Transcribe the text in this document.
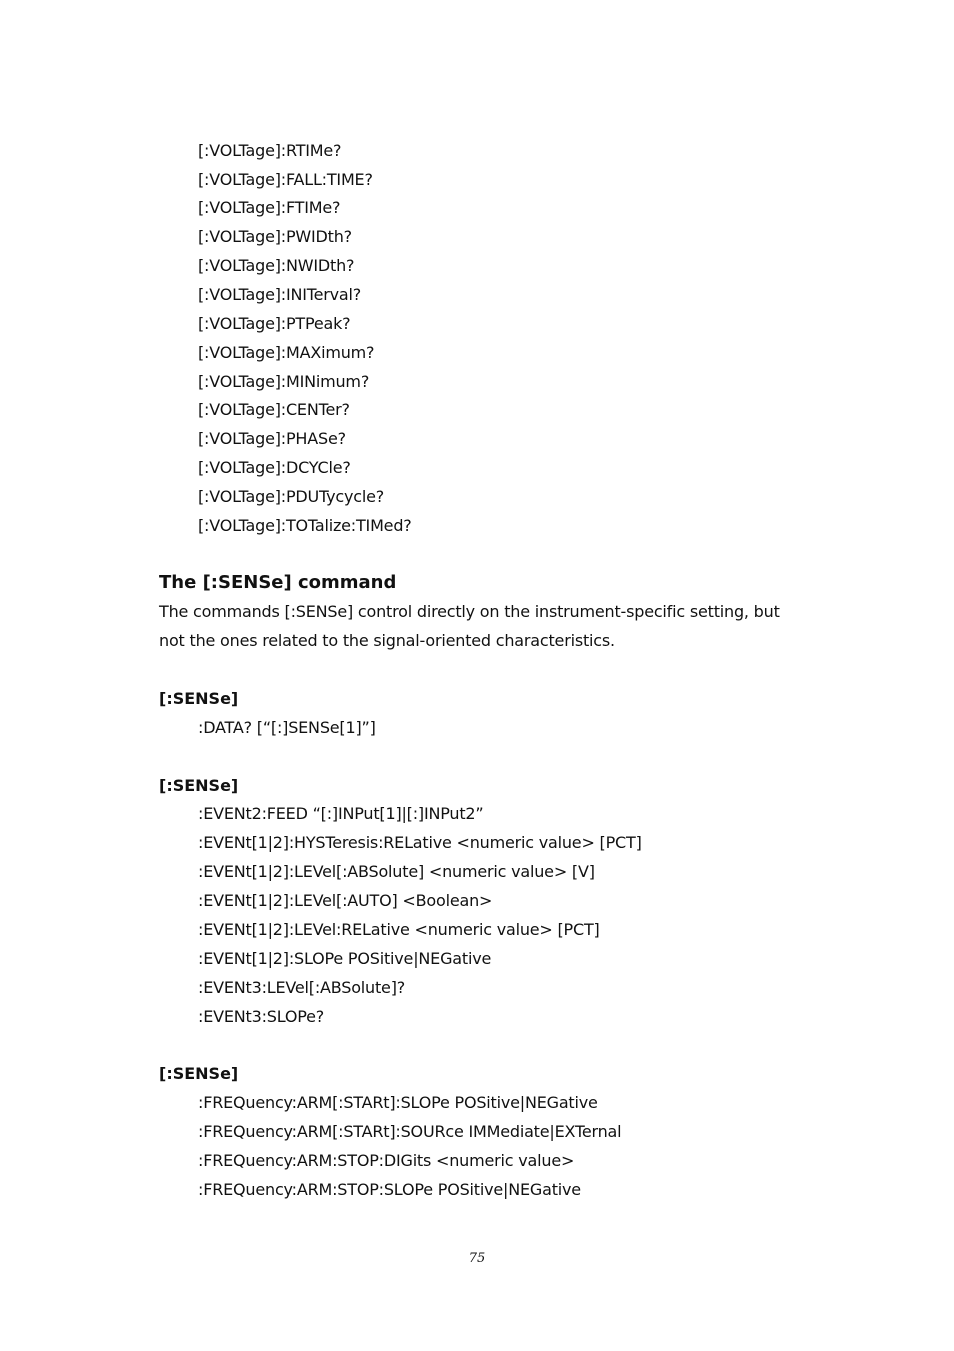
[:VOLTage]:RTIMe?
[:VOLTage]:FALL:TIME?
[:VOLTage]:FTIMe?
[:VOLTage]:PWIDth?
[:VOLTage]:NWIDth?
[:VOLTage]:INITerval?
[:VOLTage]:PTPeak?
[:VOLTage]:MAXimum?
[:VOLTage]:MINimum?
[:VOLTage]:CENTer?
[:VOLTage]:PHASe?
[:VOLTage]:DCYCle?
[:VOLTage]:PDUTycycle?
[:VOLTage]:TOTalize:TIMed?
The [:SENSe] command
The commands [:SENSe] control directly on the instrument-specific setting, but
not the ones related to the signal-oriented characteristics.
[:SENSe]
:DATA? [“[:]SENSe[1]”]
[:SENSe]
:EVENt2:FEED “[:]INPut[1]|[:]INPut2”
:EVENt[1|2]:HYSTeresis:RELative <numeric value> [PCT]
:EVENt[1|2]:LEVel[:ABSolute] <numeric value> [V]
:EVENt[1|2]:LEVel[:AUTO] <Boolean>
:EVENt[1|2]:LEVel:RELative <numeric value> [PCT]
:EVENt[1|2]:SLOPe POSitive|NEGative
:EVENt3:LEVel[:ABSolute]?
:EVENt3:SLOPe?
[:SENSe]
:FREQuency:ARM[:STARt]:SLOPe POSitive|NEGative
:FREQuency:ARM[:STARt]:SOURce IMMediate|EXTernal
:FREQuency:ARM:STOP:DIGits <numeric value>
:FREQuency:ARM:STOP:SLOPe POSitive|NEGative
75
